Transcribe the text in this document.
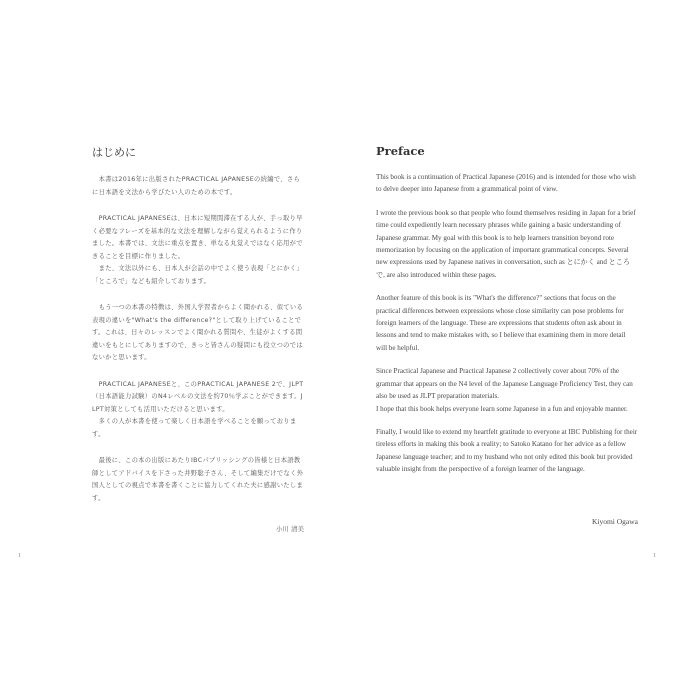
はじめに

　本書は2016年に出版されたPRACTICAL JAPANESEの続編で、さらに日本語を文法から学びたい人のための本です。

　PRACTICAL JAPANESEは、日本に短期間滞在する人が、手っ取り早く必要なフレーズを基本的な文法を理解しながら覚えられるように作りました。本書では、文法に重点を置き、単なる丸覚えではなく応用ができることを目標に作りました。
　また、文法以外にも、日本人が会話の中でよく使う表現「とにかく」「ところで」なども紹介しております。

　もう一つの本書の特徴は、外国人学習者からよく聞かれる、似ている表現の違いを"What's the difference?"として取り上げていることです。これは、日々のレッスンでよく聞かれる質問や、生徒がよくする間違いをもとにしてありますので、きっと皆さんの疑問にも役立つのではないかと思います。

　PRACTICAL JAPANESEと、このPRACTICAL JAPANESE 2で、JLPT（日本語能力試験）のN4レベルの文法を約70％学ぶことができます。JLPT対策としても活用いただけると思います。
　多くの人が本書を使って楽しく日本語を学べることを願っております。

　最後に、この本の出版にあたりIBCパブリッシングの皆様と日本語教師としてアドバイスを下さった井野聡子さん、そして編集だけでなく外国人としての視点で本書を書くことに協力してくれた夫に感謝いたします。

小川 清美
1
Preface

This book is a continuation of Practical Japanese (2016) and is intended for those who wish to delve deeper into Japanese from a grammatical point of view.

I wrote the previous book so that people who found themselves residing in Japan for a brief time could expediently learn necessary phrases while gaining a basic understanding of Japanese grammar. My goal with this book is to help learners transition beyond rote memorization by focusing on the application of important grammatical concepts. Several new expressions used by Japanese natives in conversation, such as とにかく and ところで, are also introduced within these pages.

Another feature of this book is its "What's the difference?" sections that focus on the practical differences between expressions whose close similarity can pose problems for foreign learners of the language. These are expressions that students often ask about in lessons and tend to make mistakes with, so I believe that examining them in more detail will be helpful.

Since Practical Japanese and Practical Japanese 2 collectively cover about 70% of the grammar that appears on the N4 level of the Japanese Language Proficiency Test, they can also be used as JLPT preparation materials.
I hope that this book helps everyone learn some Japanese in a fun and enjoyable manner.

Finally, I would like to extend my heartfelt gratitude to everyone at IBC Publishing for their tireless efforts in making this book a reality; to Satoko Katano for her advice as a fellow Japanese language teacher; and to my husband who not only edited this book but provided valuable insight from the perspective of a foreign learner of the language.

Kiyomi Ogawa
1
